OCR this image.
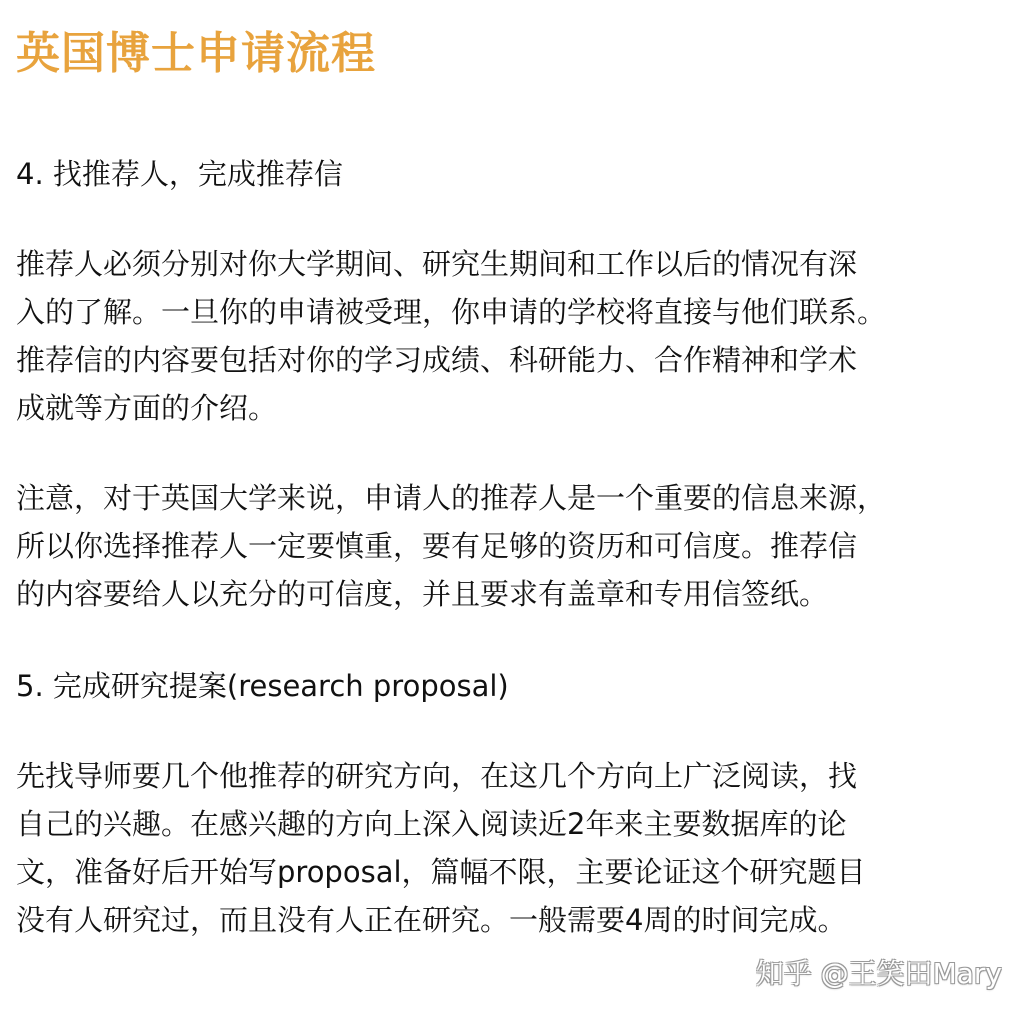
英国博士申请流程

4. 找推荐人，完成推荐信

推荐人必须分别对你大学期间、研究生期间和工作以后的情况有深

入的了解。一旦你的申请被受理，你申请的学校将直接与他们联系。

推荐信的内容要包括对你的学习成绩、科研能力、合作精神和学术

成就等方面的介绍。

注意，对于英国大学来说，申请人的推荐人是一个重要的信息来源，

所以你选择推荐人一定要慎重，要有足够的资历和可信度。推荐信

的内容要给人以充分的可信度，并且要求有盖章和专用信签纸。

5. 完成研究提案(research proposal)

先找导师要几个他推荐的研究方向，在这几个方向上广泛阅读，找

自己的兴趣。在感兴趣的方向上深入阅读近2年来主要数据库的论

文，准备好后开始写proposal，篇幅不限，主要论证这个研究题目

没有人研究过，而且没有人正在研究。一般需要4周的时间完成。

知乎 @王笑田Mary
